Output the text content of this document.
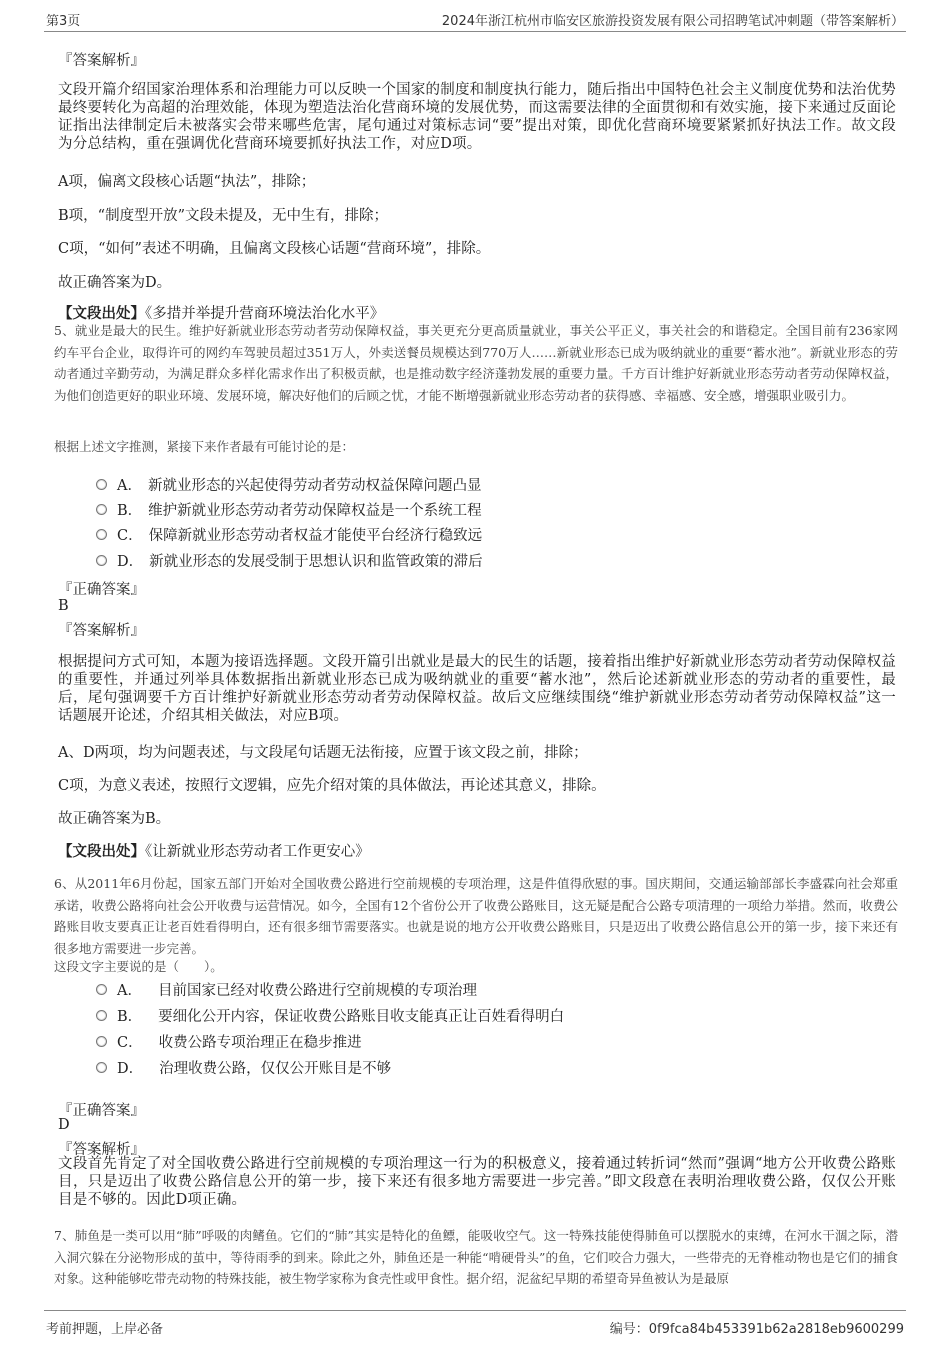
第3页	2024年浙江杭州市临安区旅游投资发展有限公司招聘笔试冲刺题（带答案解析）
『答案解析』

文段开篇介绍国家治理体系和治理能力可以反映一个国家的制度和制度执行能力，随后指出中国特色社会主义制度优势和法治优势最终要转化为高超的治理效能，体现为塑造法治化营商环境的发展优势，而这需要法律的全面贯彻和有效实施，接下来通过反面论证指出法律制定后未被落实会带来哪些危害，尾句通过对策标志词“要”提出对策，即优化营商环境要紧紧抓好执法工作。故文段为分总结构，重在强调优化营商环境要抓好执法工作，对应D项。

A项，偏离文段核心话题“执法”，排除；
B项，“制度型开放”文段未提及，无中生有，排除；
C项，“如何”表述不明确，且偏离文段核心话题“营商环境”，排除。
故正确答案为D。
【文段出处】《多措并举提升营商环境法治化水平》

5、就业是最大的民生。维护好新就业形态劳动者劳动保障权益，事关更充分更高质量就业，事关公平正义，事关社会的和谐稳定。全国目前有236家网约车平台企业，取得许可的网约车驾驶员超过351万人，外卖送餐员规模达到770万人……新就业形态已成为吸纳就业的重要“蓄水池”。新就业形态的劳动者通过辛勤劳动，为满足群众多样化需求作出了积极贡献，也是推动数字经济蓬勃发展的重要力量。千方百计维护好新就业形态劳动者劳动保障权益，为他们创造更好的职业环境、发展环境，解决好他们的后顾之忧，才能不断增强新就业形态劳动者的获得感、幸福感、安全感，增强职业吸引力。

根据上述文字推测，紧接下来作者最有可能讨论的是：
A． 新就业形态的兴起使得劳动者劳动权益保障问题凸显
B． 维护新就业形态劳动者劳动保障权益是一个系统工程
C． 保障新就业形态劳动者权益才能使平台经济行稳致远
D． 新就业形态的发展受制于思想认识和监管政策的滞后
『正确答案』
B
『答案解析』

根据提问方式可知，本题为接语选择题。文段开篇引出就业是最大的民生的话题，接着指出维护好新就业形态劳动者劳动保障权益的重要性，并通过列举具体数据指出新就业形态已成为吸纳就业的重要“蓄水池”，然后论述新就业形态的劳动者的重要性，最后，尾句强调要千方百计维护好新就业形态劳动者劳动保障权益。故后文应继续围绕“维护新就业形态劳动者劳动保障权益”这一话题展开论述，介绍其相关做法，对应B项。

A、D两项，均为问题表述，与文段尾句话题无法衔接，应置于该文段之前，排除；
C项，为意义表述，按照行文逻辑，应先介绍对策的具体做法，再论述其意义，排除。
故正确答案为B。
【文段出处】《让新就业形态劳动者工作更安心》

6、从2011年6月份起，国家五部门开始对全国收费公路进行空前规模的专项治理，这是件值得欣慰的事。国庆期间，交通运输部部长李盛霖向社会郑重承诺，收费公路将向社会公开收费与运营情况。如今，全国有12个省份公开了收费公路账目，这无疑是配合公路专项清理的一项给力举措。然而，收费公路账目收支要真正让老百姓看得明白，还有很多细节需要落实。也就是说的地方公开收费公路账目，只是迈出了收费公路信息公开的第一步，接下来还有很多地方需要进一步完善。

这段文字主要说的是（　　）。
A． 目前国家已经对收费公路进行空前规模的专项治理
B． 要细化公开内容，保证收费公路账目收支能真正让百姓看得明白
C． 收费公路专项治理正在稳步推进
D． 治理收费公路，仅仅公开账目是不够
『正确答案』
D
『答案解析』

文段首先肯定了对全国收费公路进行空前规模的专项治理这一行为的积极意义，接着通过转折词“然而”强调“地方公开收费公路账目，只是迈出了收费公路信息公开的第一步，接下来还有很多地方需要进一步完善。”即文段意在表明治理收费公路，仅仅公开账目是不够的。因此D项正确。

7、肺鱼是一类可以用“肺”呼吸的肉鳍鱼。它们的“肺”其实是特化的鱼鳔，能吸收空气。这一特殊技能使得肺鱼可以摆脱水的束缚，在河水干涸之际，潜入洞穴躲在分泌物形成的茧中，等待雨季的到来。除此之外，肺鱼还是一种能“啃硬骨头”的鱼，它们咬合力强大，一些带壳的无脊椎动物也是它们的捕食对象。这种能够吃带壳动物的特殊技能，被生物学家称为食壳性或甲食性。据介绍，泥盆纪早期的希望奇异鱼被认为是最原

考前押题，上岸必备	编号：0f9fca84b453391b62a2818eb9600299
